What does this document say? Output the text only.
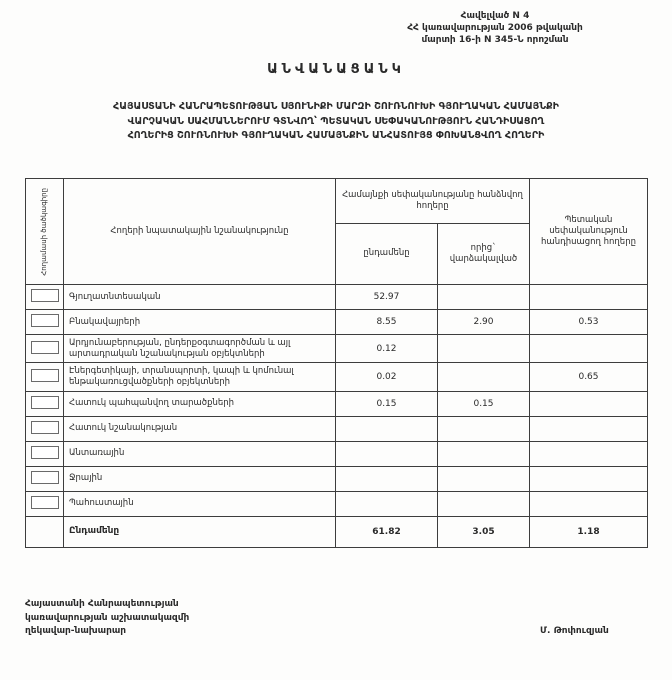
Հավելված N 4
ՀՀ կառավարության 2006 թվականի
մարտի 16-ի N 345-Ն որոշման
ԱՆՎԱՆԱՑԱՆԿ
ՀԱՅԱՍՏԱՆԻ ՀԱՆՐԱՊԵՏՈՒԹՅԱՆ ՍՅՈՒՆԻՔԻ ՄԱՐԶԻ ՇՈՒՌՆՈՒԽԻ ԳՅՈՒՂԱԿԱՆ ՀԱՄԱՅՆՔԻ
ՎԱՐՉԱԿԱՆ ՍԱՀՄԱՆՆԵՐՈՒՄ ԳՏՆՎՈՂ՝ ՊԵՏԱԿԱՆ ՍԵՓԱԿԱՆՈՒԹՅՈՒՆ ՀԱՆԴԻՍԱՑՈՂ
ՀՈՂԵՐԻՑ ՇՈՒՌՆՈՒԽԻ ԳՅՈՒՂԱԿԱՆ ՀԱՄԱՅՆՔԻՆ ԱՆՀԱՏՈՒՅՑ ՓՈԽԱՆՑՎՈՂ ՀՈՂԵՐԻ
Հողամասի ծածկագիրը	Հողերի նպատակային նշանակությունը	Համայնքի սեփականությանը հանձնվող հողերը		Պետական սեփականություն հանդիսացող հողերը
		ընդամենը	որից` վարձակալված	
	Գյուղատնտեսական	52.97		
	Բնակավայրերի	8.55	2.90	0.53
	Արդյունաբերության, ընդերքօգտագործման և այլ արտադրական նշանակության օբյեկտների	0.12		
	Էներգետիկայի, տրանսպորտի, կապի և կոմունալ ենթակառուցվածքների օբյեկտների	0.02		0.65
	Հատուկ պահպանվող տարածքների	0.15	0.15	
	Հատուկ նշանակության			
	Անտառային			
	Ջրային			
	Պահուստային			
	Ընդամենը	61.82	3.05	1.18
Հայաստանի Հանրապետության
կառավարության աշխատակազմի
ղեկավար-նախարար	Մ. Թոփուզյան
